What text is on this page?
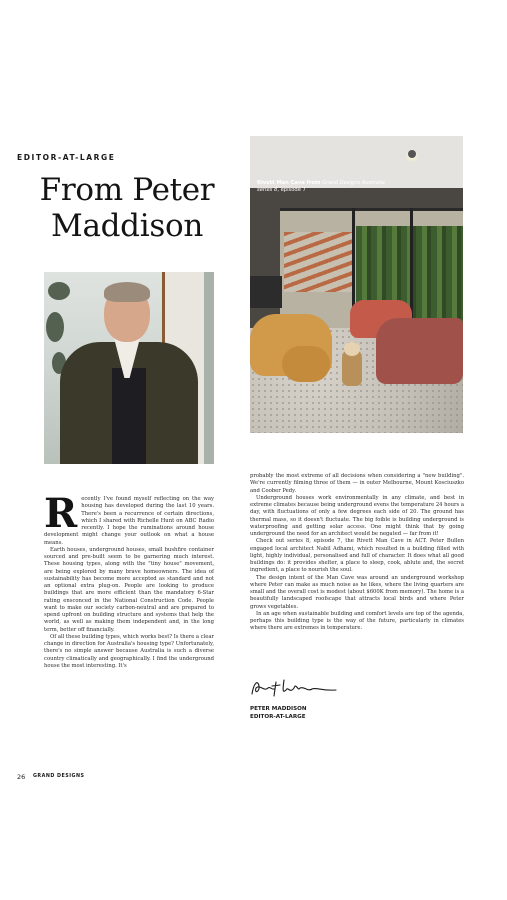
EDITOR-AT-LARGE
From Peter
Maddison
Rivett Man Cave from Grand Designs Australia series 8, episode 7
R ecently I've found myself reflecting on the way housing has developed during the last 10 years. There's been a recurrence of certain directions, which I shared with Richelle Hunt on ABC Radio recently. I hope the ruminations around house development might change your outlook on what a house means.

Earth houses, underground houses, small bushfire container sourced and pre-built seem to be garnering much interest. These housing types, along with the "tiny house" movement, are being explored by many brave homeowners. The idea of sustainability has become more accepted as standard and not an optional extra plug-on. People are looking to produce buildings that are more efficient than the mandatory 6-Star rating ensconced in the National Construction Code. People want to make our society carbon-neutral and are prepared to spend upfront on building structure and systems that help the world, as well as making them independent and, in the long term, better off financially.

Of all these building types, which works best? Is there a clear change in direction for Australia's housing type? Unfortunately, there's no simple answer because Australia is such a diverse country climatically and geographically. I find the underground house the most interesting. It's

probably the most extreme of all decisions when considering a "new building". We're currently filming three of them — in outer Melbourne, Mount Kosciuszko and Coober Pedy.

Underground houses work environmentally in any climate, and best in extreme climates because being underground evens the temperature 24 hours a day, with fluctuations of only a few degrees each side of 20. The ground has thermal mass, so it doesn't fluctuate. The big foible is building underground is waterproofing and getting solar access. One might think that by going underground the need for an architect would be negated — far from it!

Check out series 8, episode 7, the Rivett Man Cave in ACT. Peter Bullen engaged local architect Nabil Adhami, which resulted in a building filled with light, highly individual, personalised and full of character. It does what all good buildings do: it provides shelter, a place to sleep, cook, ablute and, the secret ingredient, a place to nourish the soul.

The design intent of the Man Cave was around an underground workshop where Peter can make as much noise as he likes, where the living quarters are small and the overall cost is modest (about $600K from memory). The home is a beautifully landscaped roofscape that attracts local birds and where Peter grows vegetables.

In an age when sustainable building and comfort levels are top of the agenda, perhaps this building type is the way of the future, particularly in climates where there are extremes in temperature.

PETER MADDISON
EDITOR-AT-LARGE
26 GRAND DESIGNS
